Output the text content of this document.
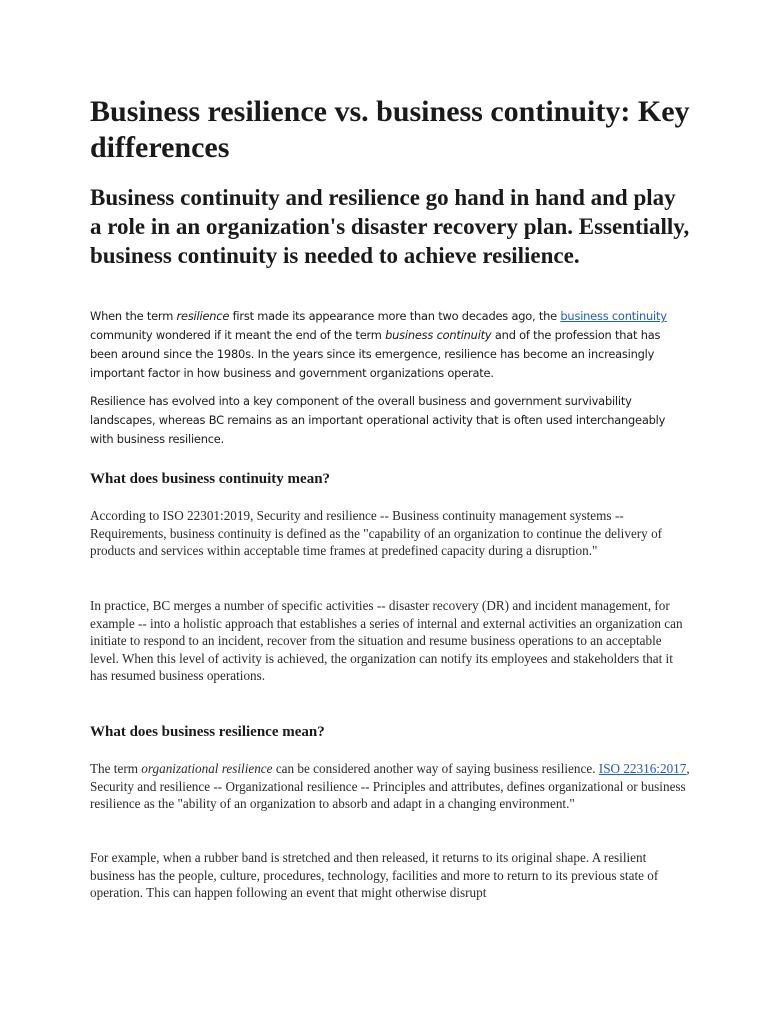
Business resilience vs. business continuity: Key differences
Business continuity and resilience go hand in hand and play a role in an organization's disaster recovery plan. Essentially, business continuity is needed to achieve resilience.

When the term resilience first made its appearance more than two decades ago, the business continuity community wondered if it meant the end of the term business continuity and of the profession that has been around since the 1980s. In the years since its emergence, resilience has become an increasingly important factor in how business and government organizations operate.

Resilience has evolved into a key component of the overall business and government survivability landscapes, whereas BC remains as an important operational activity that is often used interchangeably with business resilience.

What does business continuity mean?

According to ISO 22301:2019, Security and resilience -- Business continuity management systems -- Requirements, business continuity is defined as the "capability of an organization to continue the delivery of products and services within acceptable time frames at predefined capacity during a disruption."

In practice, BC merges a number of specific activities -- disaster recovery (DR) and incident management, for example -- into a holistic approach that establishes a series of internal and external activities an organization can initiate to respond to an incident, recover from the situation and resume business operations to an acceptable level. When this level of activity is achieved, the organization can notify its employees and stakeholders that it has resumed business operations.

What does business resilience mean?

The term organizational resilience can be considered another way of saying business resilience. ISO 22316:2017, Security and resilience -- Organizational resilience -- Principles and attributes, defines organizational or business resilience as the "ability of an organization to absorb and adapt in a changing environment."

For example, when a rubber band is stretched and then released, it returns to its original shape. A resilient business has the people, culture, procedures, technology, facilities and more to return to its previous state of operation. This can happen following an event that might otherwise disrupt
